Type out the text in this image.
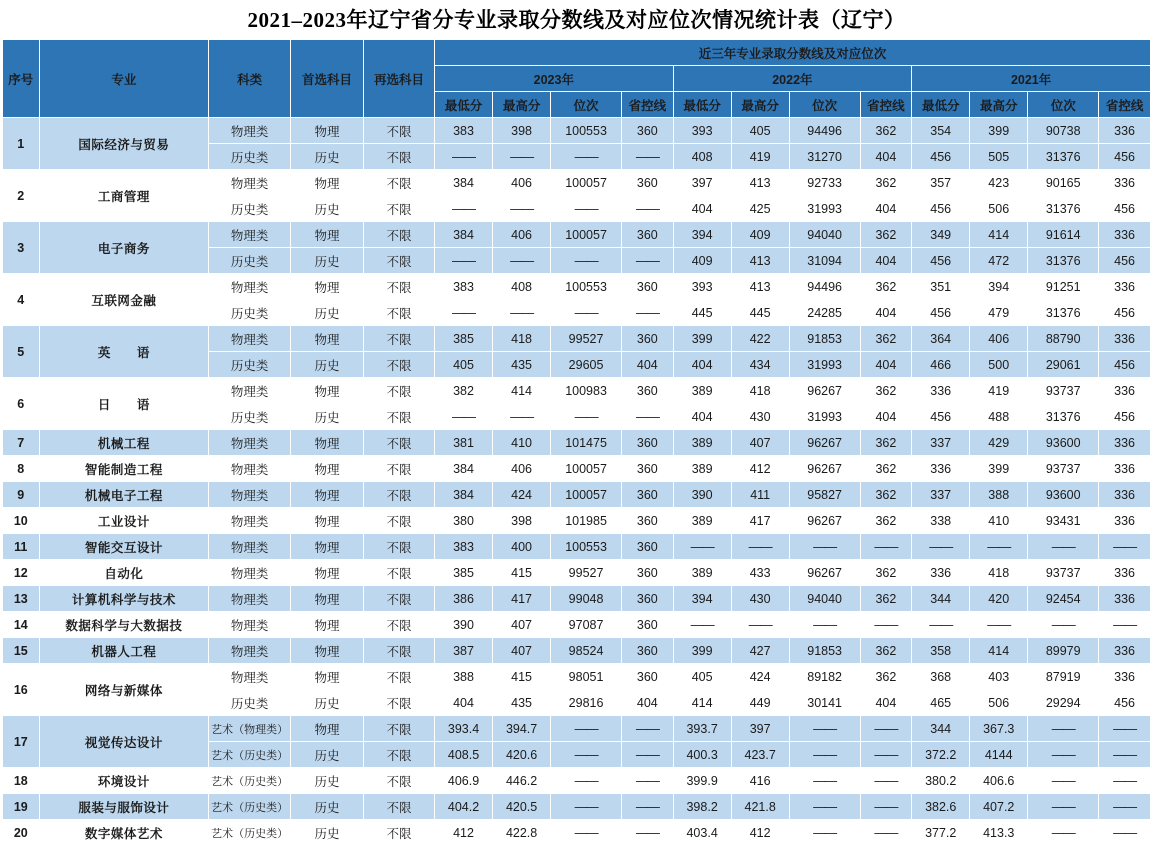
2021–2023年辽宁省分专业录取分数线及对应位次情况统计表（辽宁）
序号	专业	科类	首选科目	再选科目	近三年专业录取分数线及对应位次											
					2023年				2022年				2021年			
					最低分	最高分	位次	省控线	最低分	最高分	位次	省控线	最低分	最高分	位次	省控线
1	国际经济与贸易	物理类	物理	不限	383	398	100553	360	393	405	94496	362	354	399	90738	336
		历史类	历史	不限	——	——	——	——	408	419	31270	404	456	505	31376	456
2	工商管理	物理类	物理	不限	384	406	100057	360	397	413	92733	362	357	423	90165	336
		历史类	历史	不限	——	——	——	——	404	425	31993	404	456	506	31376	456
3	电子商务	物理类	物理	不限	384	406	100057	360	394	409	94040	362	349	414	91614	336
		历史类	历史	不限	——	——	——	——	409	413	31094	404	456	472	31376	456
4	互联网金融	物理类	物理	不限	383	408	100553	360	393	413	94496	362	351	394	91251	336
		历史类	历史	不限	——	——	——	——	445	445	24285	404	456	479	31376	456
5	英　　语	物理类	物理	不限	385	418	99527	360	399	422	91853	362	364	406	88790	336
		历史类	历史	不限	405	435	29605	404	404	434	31993	404	466	500	29061	456
6	日　　语	物理类	物理	不限	382	414	100983	360	389	418	96267	362	336	419	93737	336
		历史类	历史	不限	——	——	——	——	404	430	31993	404	456	488	31376	456
7	机械工程	物理类	物理	不限	381	410	101475	360	389	407	96267	362	337	429	93600	336
8	智能制造工程	物理类	物理	不限	384	406	100057	360	389	412	96267	362	336	399	93737	336
9	机械电子工程	物理类	物理	不限	384	424	100057	360	390	411	95827	362	337	388	93600	336
10	工业设计	物理类	物理	不限	380	398	101985	360	389	417	96267	362	338	410	93431	336
11	智能交互设计	物理类	物理	不限	383	400	100553	360	——	——	——	——	——	——	——	——
12	自动化	物理类	物理	不限	385	415	99527	360	389	433	96267	362	336	418	93737	336
13	计算机科学与技术	物理类	物理	不限	386	417	99048	360	394	430	94040	362	344	420	92454	336
14	数据科学与大数据技	物理类	物理	不限	390	407	97087	360	——	——	——	——	——	——	——	——
15	机器人工程	物理类	物理	不限	387	407	98524	360	399	427	91853	362	358	414	89979	336
16	网络与新媒体	物理类	物理	不限	388	415	98051	360	405	424	89182	362	368	403	87919	336
		历史类	历史	不限	404	435	29816	404	414	449	30141	404	465	506	29294	456
17	视觉传达设计	艺术（物理类）	物理	不限	393.4	394.7	——	——	393.7	397	——	——	344	367.3	——	——
		艺术（历史类）	历史	不限	408.5	420.6	——	——	400.3	423.7	——	——	372.2	4144	——	——
18	环境设计	艺术（历史类）	历史	不限	406.9	446.2	——	——	399.9	416	——	——	380.2	406.6	——	——
19	服装与服饰设计	艺术（历史类）	历史	不限	404.2	420.5	——	——	398.2	421.8	——	——	382.6	407.2	——	——
20	数字媒体艺术	艺术（历史类）	历史	不限	412	422.8	——	——	403.4	412	——	——	377.2	413.3	——	——
